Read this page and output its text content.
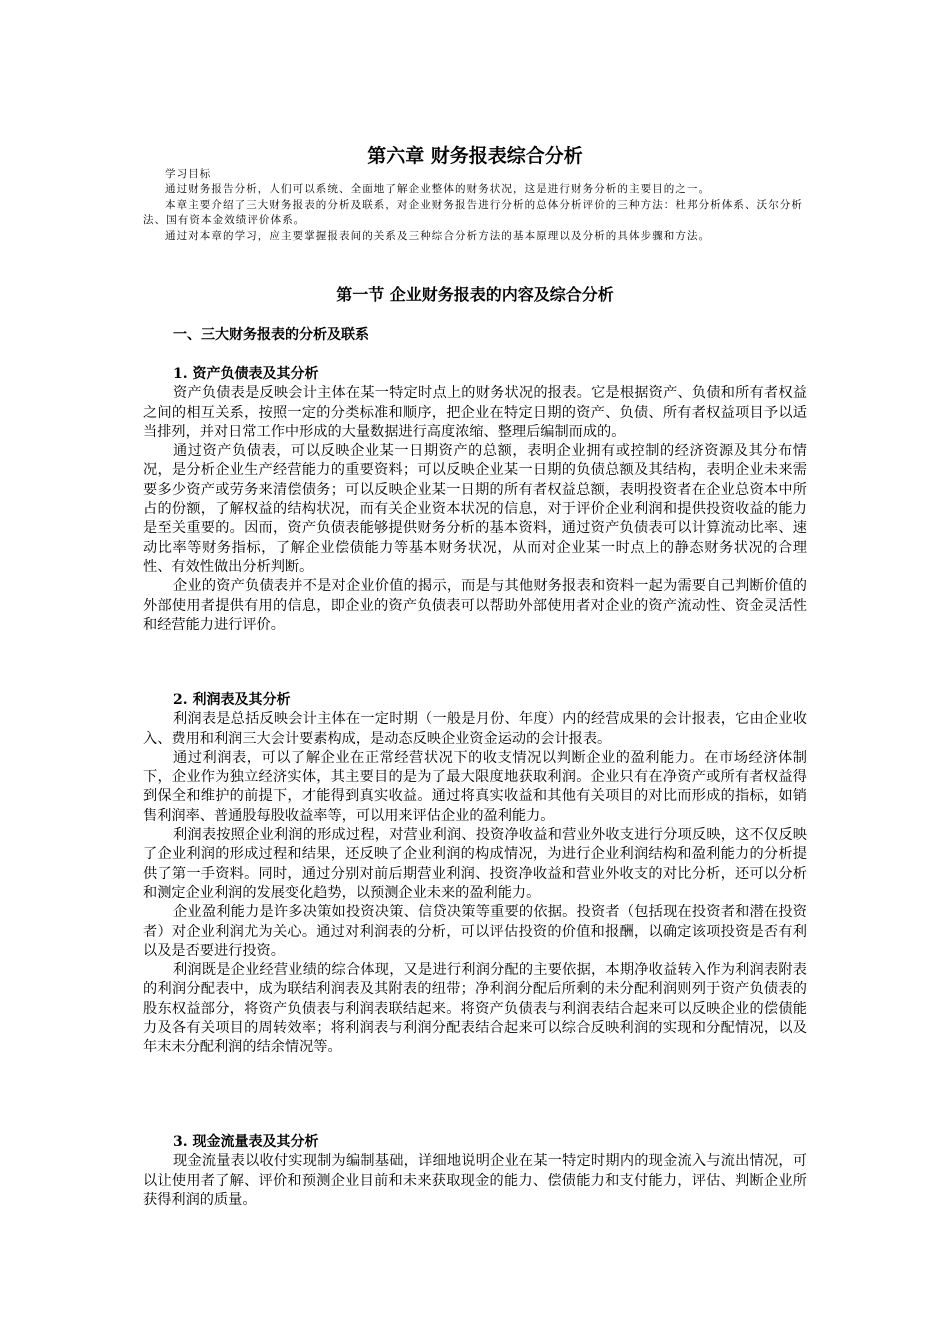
第六章 财务报表综合分析

学习目标

通过财务报告分析，人们可以系统、全面地了解企业整体的财务状况，这是进行财务分析的主要目的之一。

本章主要介绍了三大财务报表的分析及联系，对企业财务报告进行分析的总体分析评价的三种方法：杜邦分析体系、沃尔分析法、国有资本金效绩评价体系。

通过对本章的学习，应主要掌握报表间的关系及三种综合分析方法的基本原理以及分析的具体步骤和方法。

第一节 企业财务报表的内容及综合分析
一、三大财务报表的分析及联系
1. 资产负债表及其分析

资产负债表是反映会计主体在某一特定时点上的财务状况的报表。它是根据资产、负债和所有者权益之间的相互关系，按照一定的分类标准和顺序，把企业在特定日期的资产、负债、所有者权益项目予以适当排列，并对日常工作中形成的大量数据进行高度浓缩、整理后编制而成的。

通过资产负债表，可以反映企业某一日期资产的总额，表明企业拥有或控制的经济资源及其分布情况，是分析企业生产经营能力的重要资料；可以反映企业某一日期的负债总额及其结构，表明企业未来需要多少资产或劳务来清偿债务；可以反映企业某一日期的所有者权益总额，表明投资者在企业总资本中所占的份额，了解权益的结构状况，而有关企业资本状况的信息，对于评价企业利润和提供投资收益的能力是至关重要的。因而，资产负债表能够提供财务分析的基本资料，通过资产负债表可以计算流动比率、速动比率等财务指标，了解企业偿债能力等基本财务状况，从而对企业某一时点上的静态财务状况的合理性、有效性做出分析判断。

企业的资产负债表并不是对企业价值的揭示，而是与其他财务报表和资料一起为需要自己判断价值的外部使用者提供有用的信息，即企业的资产负债表可以帮助外部使用者对企业的资产流动性、资金灵活性和经营能力进行评价。

2. 利润表及其分析

利润表是总括反映会计主体在一定时期（一般是月份、年度）内的经营成果的会计报表，它由企业收入、费用和利润三大会计要素构成，是动态反映企业资金运动的会计报表。

通过利润表，可以了解企业在正常经营状况下的收支情况以判断企业的盈利能力。在市场经济体制下，企业作为独立经济实体，其主要目的是为了最大限度地获取利润。企业只有在净资产或所有者权益得到保全和维护的前提下，才能得到真实收益。通过将真实收益和其他有关项目的对比而形成的指标，如销售利润率、普通股每股收益率等，可以用来评估企业的盈利能力。

利润表按照企业利润的形成过程，对营业利润、投资净收益和营业外收支进行分项反映，这不仅反映了企业利润的形成过程和结果，还反映了企业利润的构成情况，为进行企业利润结构和盈利能力的分析提供了第一手资料。同时，通过分别对前后期营业利润、投资净收益和营业外收支的对比分析，还可以分析和测定企业利润的发展变化趋势，以预测企业未来的盈利能力。

企业盈利能力是许多决策如投资决策、信贷决策等重要的依据。投资者（包括现在投资者和潜在投资者）对企业利润尤为关心。通过对利润表的分析，可以评估投资的价值和报酬，以确定该项投资是否有利以及是否要进行投资。

利润既是企业经营业绩的综合体现，又是进行利润分配的主要依据，本期净收益转入作为利润表附表的利润分配表中，成为联结利润表及其附表的纽带；净利润分配后所剩的未分配利润则列于资产负债表的股东权益部分，将资产负债表与利润表联结起来。将资产负债表与利润表结合起来可以反映企业的偿债能力及各有关项目的周转效率；将利润表与利润分配表结合起来可以综合反映利润的实现和分配情况，以及年末未分配利润的结余情况等。

3. 现金流量表及其分析

现金流量表以收付实现制为编制基础，详细地说明企业在某一特定时期内的现金流入与流出情况，可以让使用者了解、评价和预测企业目前和未来获取现金的能力、偿债能力和支付能力，评估、判断企业所获得利润的质量。
